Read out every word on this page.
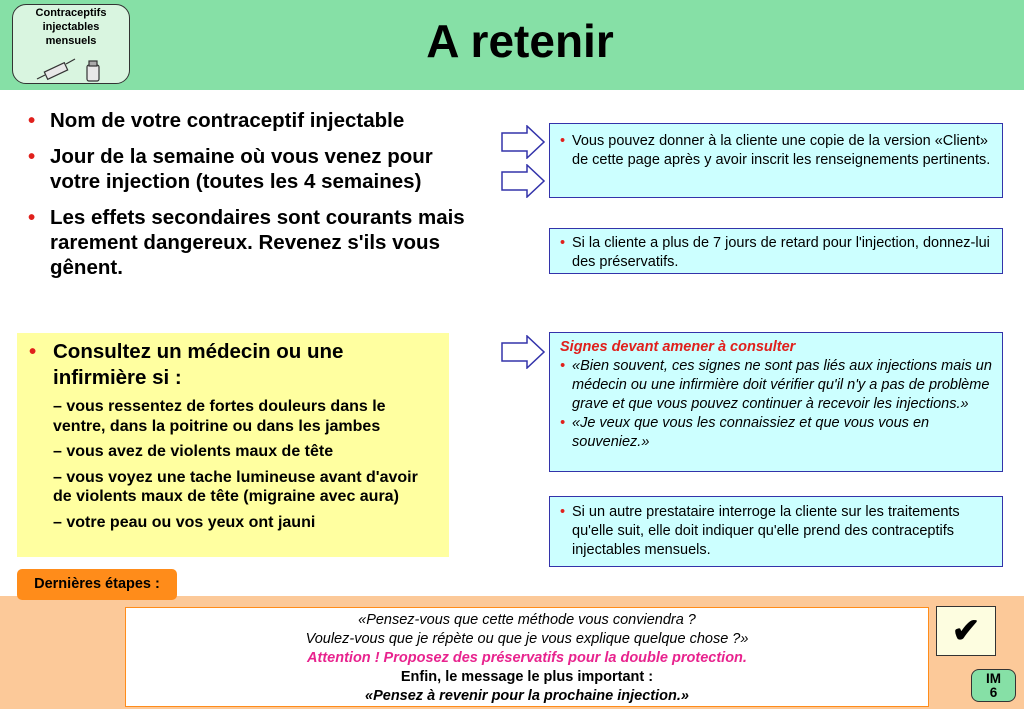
Contraceptifs
injectables
mensuels	A retenir
• Nom de votre contraceptif injectable
• Jour de la semaine où vous venez pour votre injection (toutes les 4 semaines)
• Les effets secondaires sont courants mais rarement dangereux. Revenez s'ils vous gênent.
• Consultez un médecin ou une infirmière si :
– vous ressentez de fortes douleurs dans le ventre, dans la poitrine ou dans les jambes
– vous avez de violents maux de tête
– vous voyez une tache lumineuse avant d'avoir de violents maux de tête (migraine avec aura)
– votre peau ou vos yeux ont jauni
• Vous pouvez donner à la cliente une copie de la version «Client» de cette page après y avoir inscrit les renseignements pertinents.
• Si la cliente a plus de 7 jours de retard pour l'injection, donnez-lui des préservatifs.
Signes devant amener à consulter
• «Bien souvent, ces signes ne sont pas liés aux injections mais un médecin ou une infirmière doit vérifier qu'il n'y a pas de problème grave et que vous pouvez continuer à recevoir les injections.»
• «Je veux que vous les connaissiez et que vous vous en souveniez.»
• Si un autre prestataire interroge la cliente sur les traitements qu'elle suit, elle doit indiquer qu'elle prend des contraceptifs injectables mensuels.
Dernières étapes :
«Pensez-vous que cette méthode vous conviendra ?
Voulez-vous que je répète ou que je vous explique quelque chose ?»
Attention ! Proposez des préservatifs pour la double protection.
Enfin, le message le plus important :
«Pensez à revenir pour la prochaine injection.»
✔
IM
6
